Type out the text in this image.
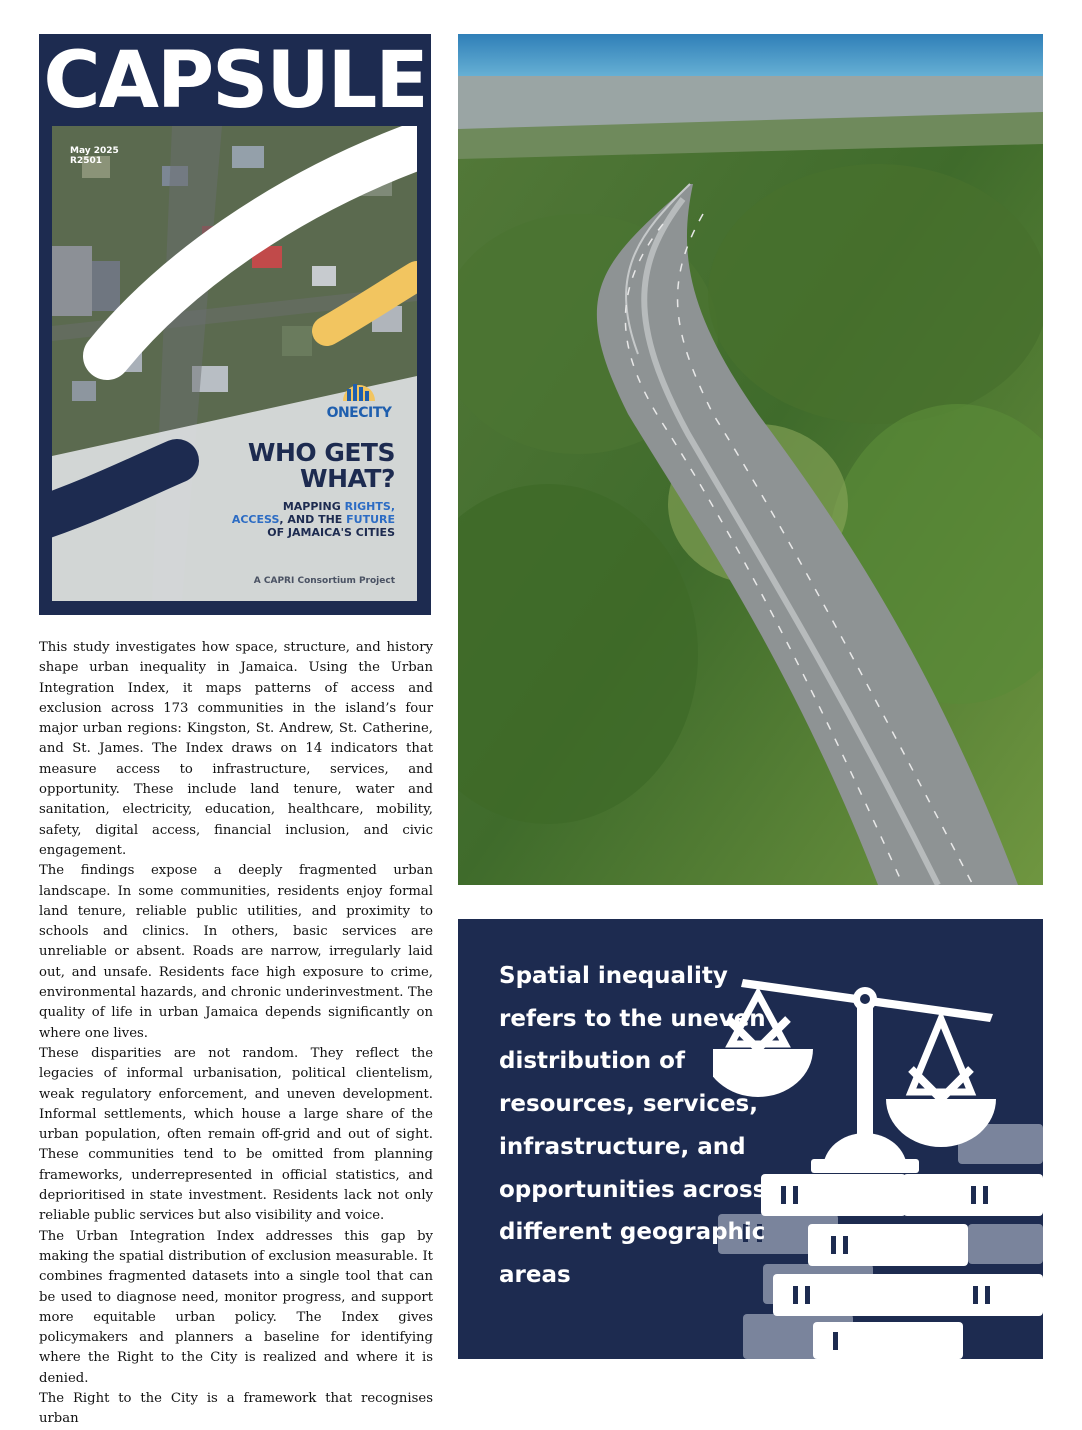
CAPSULE
May 2025
R2501
ONECITY
WHO GETS
WHAT?
MAPPING RIGHTS,
ACCESS, AND THE FUTURE
OF JAMAICA'S CITIES
A CAPRI Consortium Project

This study investigates how space, structure, and history shape urban inequality in Jamaica. Using the Urban Integration Index, it maps patterns of access and exclusion across 173 communities in the island’s four major urban regions: Kingston, St. Andrew, St. Catherine, and St. James. The Index draws on 14 indicators that measure access to infrastructure, services, and opportunity. These include land tenure, water and sanitation, electricity, education, healthcare, mobility, safety, digital access, financial inclusion, and civic engagement.

The findings expose a deeply fragmented urban landscape. In some communities, residents enjoy formal land tenure, reliable public utilities, and proximity to schools and clinics. In others, basic services are unreliable or absent. Roads are narrow, irregularly laid out, and unsafe. Residents face high exposure to crime, environmental hazards, and chronic underinvestment. The quality of life in urban Jamaica depends significantly on where one lives.

These disparities are not random. They reflect the legacies of informal urbanisation, political clientelism, weak regulatory enforcement, and uneven development. Informal settlements, which house a large share of the urban population, often remain off-grid and out of sight. These communities tend to be omitted from planning frameworks, underrepresented in official statistics, and deprioritised in state investment. Residents lack not only reliable public services but also visibility and voice.

The Urban Integration Index addresses this gap by making the spatial distribution of exclusion measurable. It combines fragmented datasets into a single tool that can be used to diagnose need, monitor progress, and support more equitable urban policy. The Index gives policymakers and planners a baseline for identifying where the Right to the City is realized and where it is denied.

The Right to the City is a framework that recognises urban

Spatial inequality refers to the uneven distribution of resources, services, infrastructure, and opportunities across different geographic areas
